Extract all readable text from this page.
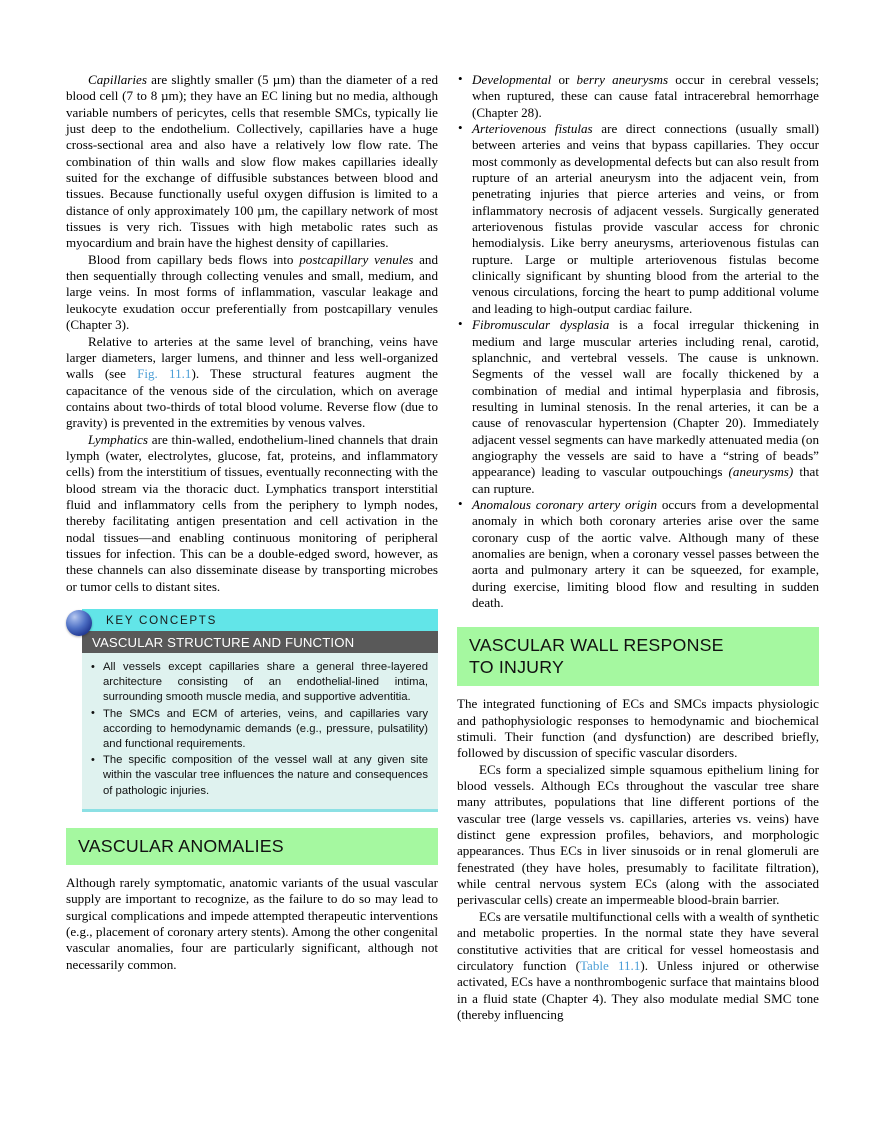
Capillaries are slightly smaller (5 µm) than the diameter of a red blood cell (7 to 8 µm); they have an EC lining but no media, although variable numbers of pericytes, cells that resemble SMCs, typically lie just deep to the endothelium. Collectively, capillaries have a huge cross-sectional area and also have a relatively low flow rate. The combination of thin walls and slow flow makes capillaries ideally suited for the exchange of diffusible substances between blood and tissues. Because functionally useful oxygen diffusion is limited to a distance of only approximately 100 µm, the capillary network of most tissues is very rich. Tissues with high metabolic rates such as myocardium and brain have the highest density of capillaries.

Blood from capillary beds flows into postcapillary venules and then sequentially through collecting venules and small, medium, and large veins. In most forms of inflammation, vascular leakage and leukocyte exudation occur preferentially from postcapillary venules (Chapter 3).

Relative to arteries at the same level of branching, veins have larger diameters, larger lumens, and thinner and less well-organized walls (see Fig. 11.1). These structural features augment the capacitance of the venous side of the circulation, which on average contains about two-thirds of total blood volume. Reverse flow (due to gravity) is prevented in the extremities by venous valves.

Lymphatics are thin-walled, endothelium-lined channels that drain lymph (water, electrolytes, glucose, fat, proteins, and inflammatory cells) from the interstitium of tissues, eventually reconnecting with the blood stream via the thoracic duct. Lymphatics transport interstitial fluid and inflammatory cells from the periphery to lymph nodes, thereby facilitating antigen presentation and cell activation in the nodal tissues—and enabling continuous monitoring of peripheral tissues for infection. This can be a double-edged sword, however, as these channels can also disseminate disease by transporting microbes or tumor cells to distant sites.

KEY CONCEPTS
VASCULAR STRUCTURE AND FUNCTION
• All vessels except capillaries share a general three-layered architecture consisting of an endothelial-lined intima, surrounding smooth muscle media, and supportive adventitia.
• The SMCs and ECM of arteries, veins, and capillaries vary according to hemodynamic demands (e.g., pressure, pulsatility) and functional requirements.
• The specific composition of the vessel wall at any given site within the vascular tree influences the nature and consequences of pathologic injuries.
VASCULAR ANOMALIES

Although rarely symptomatic, anatomic variants of the usual vascular supply are important to recognize, as the failure to do so may lead to surgical complications and impede attempted therapeutic interventions (e.g., placement of coronary artery stents). Among the other congenital vascular anomalies, four are particularly significant, although not necessarily common.

• Developmental or berry aneurysms occur in cerebral vessels; when ruptured, these can cause fatal intracerebral hemorrhage (Chapter 28).
• Arteriovenous fistulas are direct connections (usually small) between arteries and veins that bypass capillaries. They occur most commonly as developmental defects but can also result from rupture of an arterial aneurysm into the adjacent vein, from penetrating injuries that pierce arteries and veins, or from inflammatory necrosis of adjacent vessels. Surgically generated arteriovenous fistulas provide vascular access for chronic hemodialysis. Like berry aneurysms, arteriovenous fistulas can rupture. Large or multiple arteriovenous fistulas become clinically significant by shunting blood from the arterial to the venous circulations, forcing the heart to pump additional volume and leading to high-output cardiac failure.
• Fibromuscular dysplasia is a focal irregular thickening in medium and large muscular arteries including renal, carotid, splanchnic, and vertebral vessels. The cause is unknown. Segments of the vessel wall are focally thickened by a combination of medial and intimal hyperplasia and fibrosis, resulting in luminal stenosis. In the renal arteries, it can be a cause of renovascular hypertension (Chapter 20). Immediately adjacent vessel segments can have markedly attenuated media (on angiography the vessels are said to have a “string of beads” appearance) leading to vascular outpouchings (aneurysms) that can rupture.
• Anomalous coronary artery origin occurs from a developmental anomaly in which both coronary arteries arise over the same coronary cusp of the aortic valve. Although many of these anomalies are benign, when a coronary vessel passes between the aorta and pulmonary artery it can be squeezed, for example, during exercise, limiting blood flow and resulting in sudden death.
VASCULAR WALL RESPONSE
TO INJURY

The integrated functioning of ECs and SMCs impacts physiologic and pathophysiologic responses to hemodynamic and biochemical stimuli. Their function (and dysfunction) are described briefly, followed by discussion of specific vascular disorders.

ECs form a specialized simple squamous epithelium lining for blood vessels. Although ECs throughout the vascular tree share many attributes, populations that line different portions of the vascular tree (large vessels vs. capillaries, arteries vs. veins) have distinct gene expression profiles, behaviors, and morphologic appearances. Thus ECs in liver sinusoids or in renal glomeruli are fenestrated (they have holes, presumably to facilitate filtration), while central nervous system ECs (along with the associated perivascular cells) create an impermeable blood-brain barrier.

ECs are versatile multifunctional cells with a wealth of synthetic and metabolic properties. In the normal state they have several constitutive activities that are critical for vessel homeostasis and circulatory function (Table 11.1). Unless injured or otherwise activated, ECs have a nonthrombogenic surface that maintains blood in a fluid state (Chapter 4). They also modulate medial SMC tone (thereby influencing
